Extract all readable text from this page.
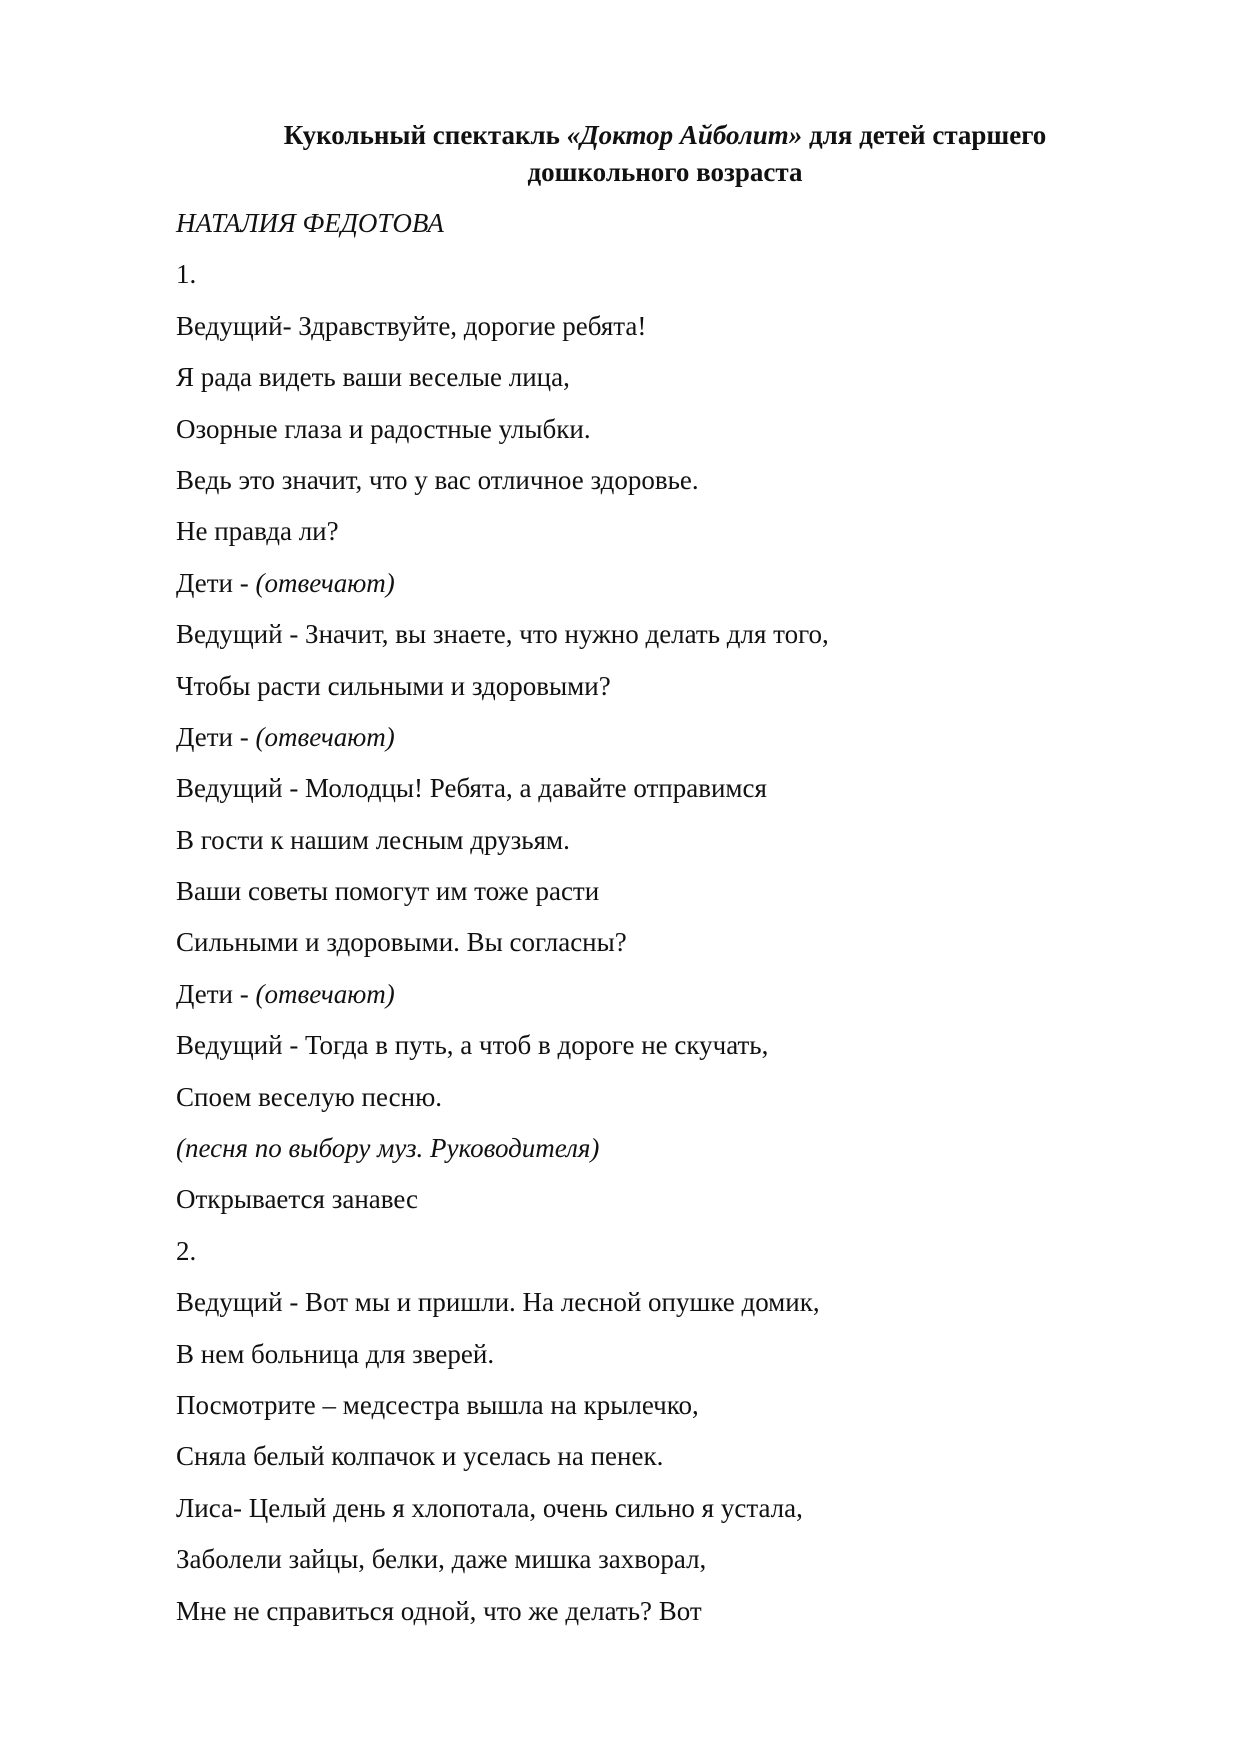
Кукольный спектакль «Доктор Айболит» для детей старшего
дошкольного возраста
НАТАЛИЯ ФЕДОТОВА
1.
Ведущий- Здравствуйте, дорогие ребята!
Я рада видеть ваши веселые лица,
Озорные глаза и радостные улыбки.
Ведь это значит, что у вас отличное здоровье.
Не правда ли?
Дети - (отвечают)
Ведущий - Значит, вы знаете, что нужно делать для того,
Чтобы расти сильными и здоровыми?
Дети - (отвечают)
Ведущий - Молодцы! Ребята, а давайте отправимся
В гости к нашим лесным друзьям.
Ваши советы помогут им тоже расти
Сильными и здоровыми. Вы согласны?
Дети - (отвечают)
Ведущий - Тогда в путь, а чтоб в дороге не скучать,
Споем веселую песню.
(песня по выбору муз. Руководителя)
Открывается занавес
2.
Ведущий - Вот мы и пришли. На лесной опушке домик,
В нем больница для зверей.
Посмотрите – медсестра вышла на крылечко,
Сняла белый колпачок и уселась на пенек.
Лиса- Целый день я хлопотала, очень сильно я устала,
Заболели зайцы, белки, даже мишка захворал,
Мне не справиться одной, что же делать? Вот
